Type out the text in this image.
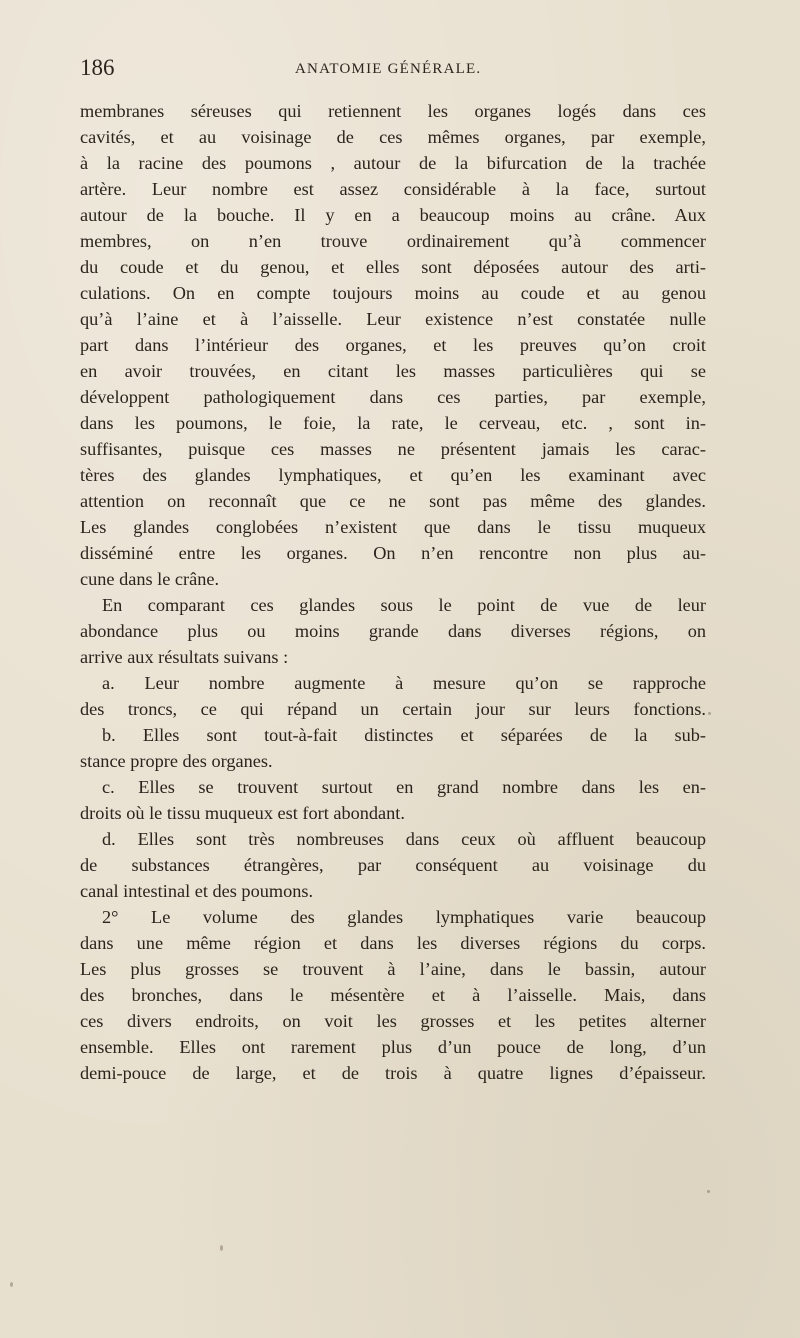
186	ANATOMIE GÉNÉRALE.
membranes séreuses qui retiennent les organes logés dans ces
cavités, et au voisinage de ces mêmes organes, par exemple,
à la racine des poumons , autour de la bifurcation de la trachée
artère. Leur nombre est assez considérable à la face, surtout
autour de la bouche. Il y en a beaucoup moins au crâne. Aux
membres, on n’en trouve ordinairement qu’à commencer
du coude et du genou, et elles sont déposées autour des arti-
culations. On en compte toujours moins au coude et au genou
qu’à l’aine et à l’aisselle. Leur existence n’est constatée nulle
part dans l’intérieur des organes, et les preuves qu’on croit
en avoir trouvées, en citant les masses particulières qui se
développent pathologiquement dans ces parties, par exemple,
dans les poumons, le foie, la rate, le cerveau, etc. , sont in-
suffisantes, puisque ces masses ne présentent jamais les carac-
tères des glandes lymphatiques, et qu’en les examinant avec
attention on reconnaît que ce ne sont pas même des glandes.
Les glandes conglobées n’existent que dans le tissu muqueux
disséminé entre les organes. On n’en rencontre non plus au-
cune dans le crâne.
En comparant ces glandes sous le point de vue de leur
abondance plus ou moins grande dans diverses régions, on
arrive aux résultats suivans :
a. Leur nombre augmente à mesure qu’on se rapproche
des troncs, ce qui répand un certain jour sur leurs fonctions.
b. Elles sont tout-à-fait distinctes et séparées de la sub-
stance propre des organes.
c. Elles se trouvent surtout en grand nombre dans les en-
droits où le tissu muqueux est fort abondant.
d. Elles sont très nombreuses dans ceux où affluent beaucoup
de substances étrangères, par conséquent au voisinage du
canal intestinal et des poumons.
2° Le volume des glandes lymphatiques varie beaucoup
dans une même région et dans les diverses régions du corps.
Les plus grosses se trouvent à l’aine, dans le bassin, autour
des bronches, dans le mésentère et à l’aisselle. Mais, dans
ces divers endroits, on voit les grosses et les petites alterner
ensemble. Elles ont rarement plus d’un pouce de long, d’un
demi-pouce de large, et de trois à quatre lignes d’épaisseur.
